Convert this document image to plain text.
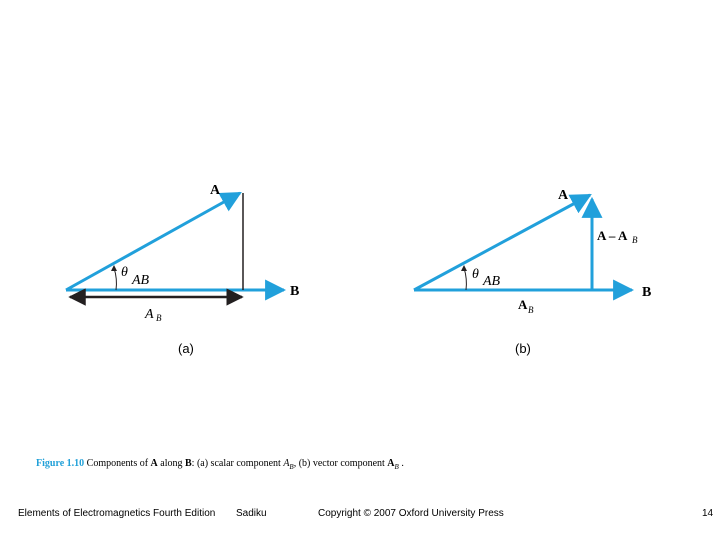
A
B
θ
AB
A B
(a)
A
B
θ AB
A – A B
A B
(b)
Figure 1.10 Components of A along B: (a) scalar component $A_B$, (b) vector component $A_B$ .
Elements of Electromagnetics Fourth Edition Sadiku	Copyright © 2007 Oxford University Press	14
